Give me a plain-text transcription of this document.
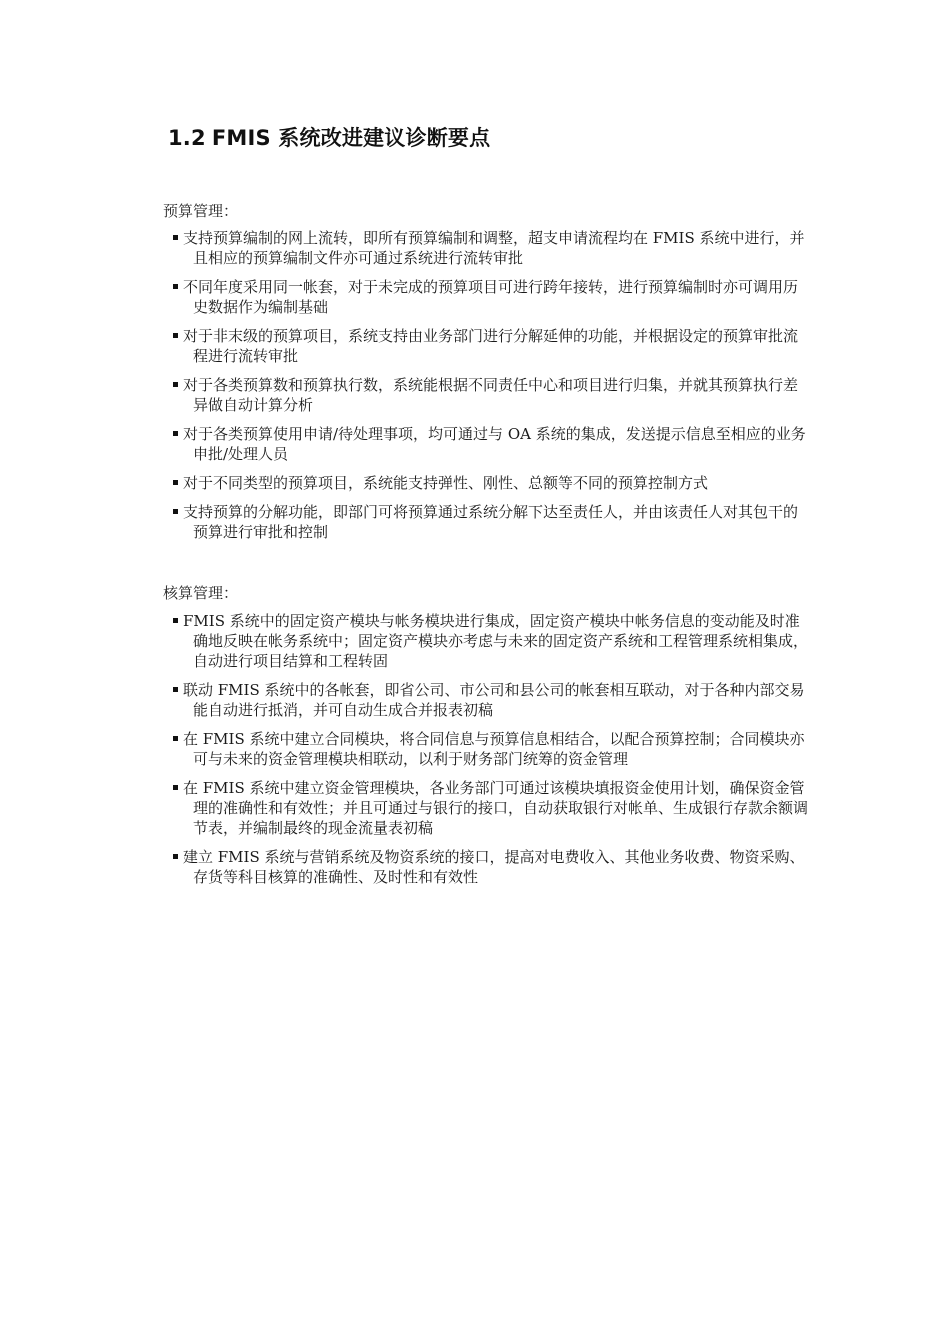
1.2 FMIS 系统改进建议诊断要点
预算管理：
支持预算编制的网上流转，即所有预算编制和调整，超支申请流程均在 FMIS 系统中进行，并且相应的预算编制文件亦可通过系统进行流转审批
不同年度采用同一帐套，对于未完成的预算项目可进行跨年接转，进行预算编制时亦可调用历史数据作为编制基础
对于非末级的预算项目，系统支持由业务部门进行分解延伸的功能，并根据设定的预算审批流程进行流转审批
对于各类预算数和预算执行数，系统能根据不同责任中心和项目进行归集，并就其预算执行差异做自动计算分析
对于各类预算使用申请/待处理事项，均可通过与 OA 系统的集成，发送提示信息至相应的业务申批/处理人员
对于不同类型的预算项目，系统能支持弹性、刚性、总额等不同的预算控制方式
支持预算的分解功能，即部门可将预算通过系统分解下达至责任人，并由该责任人对其包干的预算进行审批和控制
核算管理：
FMIS 系统中的固定资产模块与帐务模块进行集成，固定资产模块中帐务信息的变动能及时准确地反映在帐务系统中；固定资产模块亦考虑与未来的固定资产系统和工程管理系统相集成，自动进行项目结算和工程转固
联动 FMIS 系统中的各帐套，即省公司、市公司和县公司的帐套相互联动，对于各种内部交易能自动进行抵消，并可自动生成合并报表初稿
在 FMIS 系统中建立合同模块，将合同信息与预算信息相结合，以配合预算控制；合同模块亦可与未来的资金管理模块相联动，以利于财务部门统筹的资金管理
在 FMIS 系统中建立资金管理模块，各业务部门可通过该模块填报资金使用计划，确保资金管理的准确性和有效性；并且可通过与银行的接口，自动获取银行对帐单、生成银行存款余额调节表，并编制最终的现金流量表初稿
建立 FMIS 系统与营销系统及物资系统的接口，提高对电费收入、其他业务收费、物资采购、存货等科目核算的准确性、及时性和有效性
